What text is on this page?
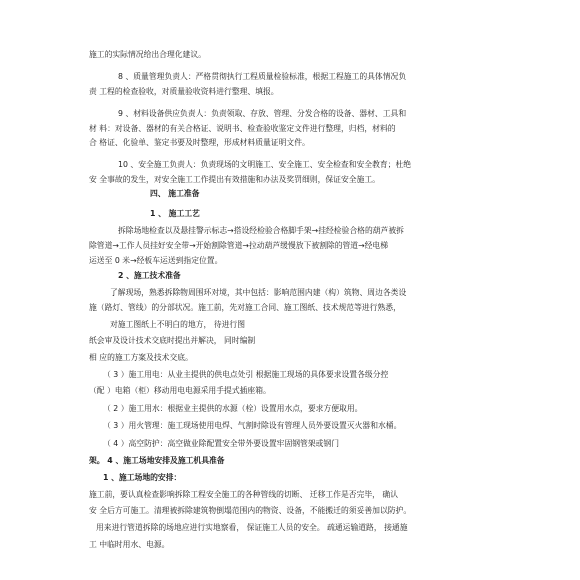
施工的实际情况给出合理化建议。
8 、质量管理负责人：严格贯彻执行工程质量检验标准，根据工程施工的具体情况负
责 工程的检查验收，对质量验收资料进行整理、填报。
9 、材料设备供应负责人：负责领取、存放、管理、分发合格的设备、器材、工具和
材 料：对设备、器材的有关合格证、说明书、检查验收鉴定文件进行整理，归档，材料的
合 格证、化验单、鉴定书要及时整理，形成材料质量证明文件。
10 、安全施工负责人：负责现场的文明施工、安全施工、安全检查和安全教育；杜绝
安 全事故的发生，对安全施工工作提出有效措施和办法及奖罚细则，保证安全施工。
四、 施工准备
1 、 施工工艺
拆除场地检查以及悬挂警示标志→搭设经检验合格脚手架→挂经检验合格的葫芦被拆
除管道→工作人员挂好安全带→开始割除管道→拉动葫芦缓慢放下被割除的管道→经电梯
运送至 0 米→经板车运送到指定位置。
2 、施工技术准备
了解现场，熟悉拆除物周围环对境，其中包括：影响范围内建（构）筑物、周边各类设
施（路灯、管线）的分部状况。施工前，先对施工合同、施工图纸、技术规范等进行熟悉，
对施工图纸上不明白的地方， 待进行图
纸会审及设计技术交底时提出并解决， 同时编制
相 应的施工方案及技术交底。
（ 3 ）施工用电：从业主提供的供电点处引 根据施工现场的具体要求设置各级分控
（配 ）电箱（柜）移动用电电源采用手提式插座箱。
（ 2 ）施工用水：根据业主提供的水源（栓）设置用水点，要求方便取用。
（ 3 ）用火管理：施工现场使用电焊、气割时除设有管理人员外要设置灭火器和水桶。
（ 4 ）高空防护：高空做业除配置安全带外要设置牢固钢管架或钢门
架。 4 、施工场地安排及施工机具准备
1 、施工场地的安排：
施工前，要认真检查影响拆除工程安全施工的各种管线的切断、 迁移工作是否完毕， 确认
安 全后方可施工。清理被拆除建筑物倒塌范围内的物资、设备，不能搬迁的须妥善加以防护。
用来进行管道拆除的场地应进行实地察看， 保证施工人员的安全。 疏通运输道路， 接通施
工 中临时用水、电源。
